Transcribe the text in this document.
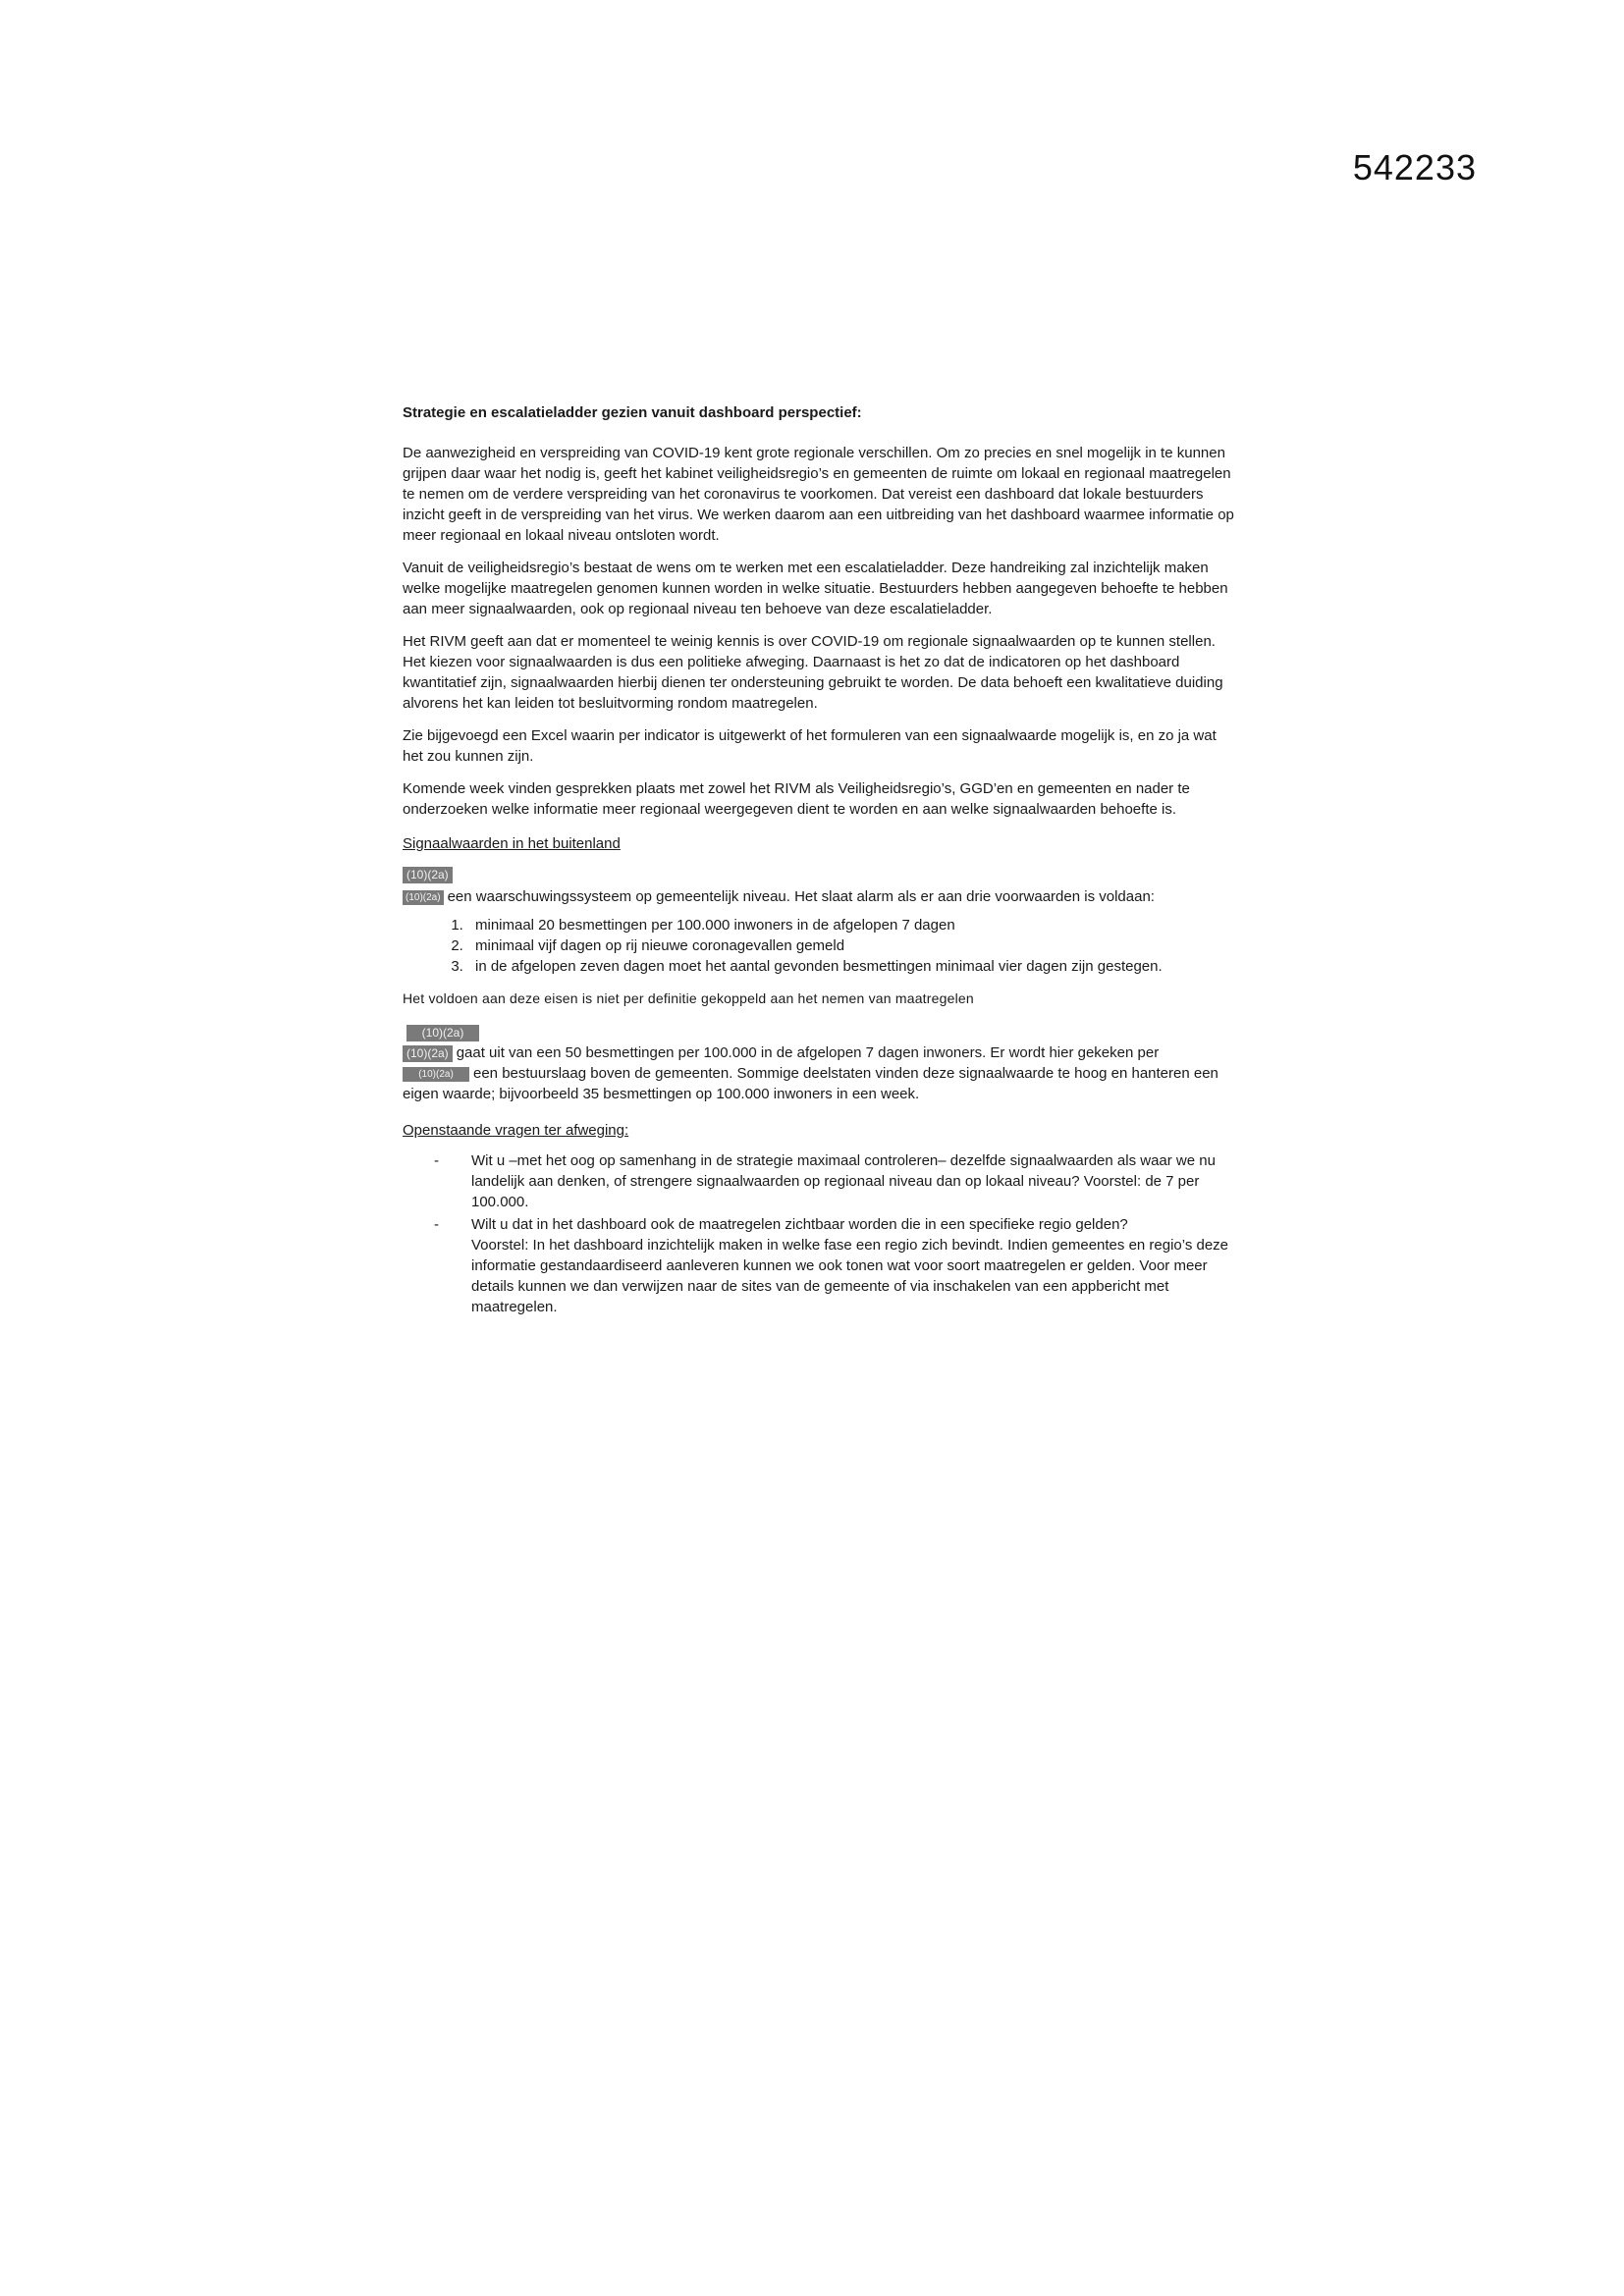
542233

Strategie en escalatieladder gezien vanuit dashboard perspectief:

De aanwezigheid en verspreiding van COVID-19 kent grote regionale verschillen. Om zo precies en snel mogelijk in te kunnen grijpen daar waar het nodig is, geeft het kabinet veiligheidsregio’s en gemeenten de ruimte om lokaal en regionaal maatregelen te nemen om de verdere verspreiding van het coronavirus te voorkomen. Dat vereist een dashboard dat lokale bestuurders inzicht geeft in de verspreiding van het virus. We werken daarom aan een uitbreiding van het dashboard waarmee informatie op meer regionaal en lokaal niveau ontsloten wordt.

Vanuit de veiligheidsregio’s bestaat de wens om te werken met een escalatieladder. Deze handreiking zal inzichtelijk maken welke mogelijke maatregelen genomen kunnen worden in welke situatie. Bestuurders hebben aangegeven behoefte te hebben aan meer signaalwaarden, ook op regionaal niveau ten behoeve van deze escalatieladder.

Het RIVM geeft aan dat er momenteel te weinig kennis is over COVID-19 om regionale signaalwaarden op te kunnen stellen. Het kiezen voor signaalwaarden is dus een politieke afweging. Daarnaast is het zo dat de indicatoren op het dashboard kwantitatief zijn, signaalwaarden hierbij dienen ter ondersteuning gebruikt te worden. De data behoeft een kwalitatieve duiding alvorens het kan leiden tot besluitvorming rondom maatregelen.

Zie bijgevoegd een Excel waarin per indicator is uitgewerkt of het formuleren van een signaalwaarde mogelijk is, en zo ja wat het zou kunnen zijn.

Komende week vinden gesprekken plaats met zowel het RIVM als Veiligheidsregio’s, GGD’en en gemeenten en nader te onderzoeken welke informatie meer regionaal weergegeven dient te worden en aan welke signaalwaarden behoefte is.

Signaalwaarden in het buitenland
(10)(2a)
(10)(2a) een waarschuwingssysteem op gemeentelijk niveau. Het slaat alarm als er aan drie voorwaarden is voldaan:
1. minimaal 20 besmettingen per 100.000 inwoners in de afgelopen 7 dagen
2. minimaal vijf dagen op rij nieuwe coronagevallen gemeld
3. in de afgelopen zeven dagen moet het aantal gevonden besmettingen minimaal vier dagen zijn gestegen.
Het voldoen aan deze eisen is niet per definitie gekoppeld aan het nemen van maatregelen
(10)(2a)
(10)(2a) gaat uit van een 50 besmettingen per 100.000 in de afgelopen 7 dagen inwoners. Er wordt hier gekeken per
(10)(2a) een bestuurslaag boven de gemeenten. Sommige deelstaten vinden deze signaalwaarde te hoog en hanteren een eigen waarde; bijvoorbeeld 35 besmettingen op 100.000 inwoners in een week.
Openstaande vragen ter afweging:
- Wit u –met het oog op samenhang in de strategie maximaal controleren– dezelfde signaalwaarden als waar we nu landelijk aan denken, of strengere signaalwaarden op regionaal niveau dan op lokaal niveau? Voorstel: de 7 per 100.000.
- Wilt u dat in het dashboard ook de maatregelen zichtbaar worden die in een specifieke regio gelden?
Voorstel: In het dashboard inzichtelijk maken in welke fase een regio zich bevindt. Indien gemeentes en regio’s deze informatie gestandaardiseerd aanleveren kunnen we ook tonen wat voor soort maatregelen er gelden. Voor meer details kunnen we dan verwijzen naar de sites van de gemeente of via inschakelen van een appbericht met maatregelen.
